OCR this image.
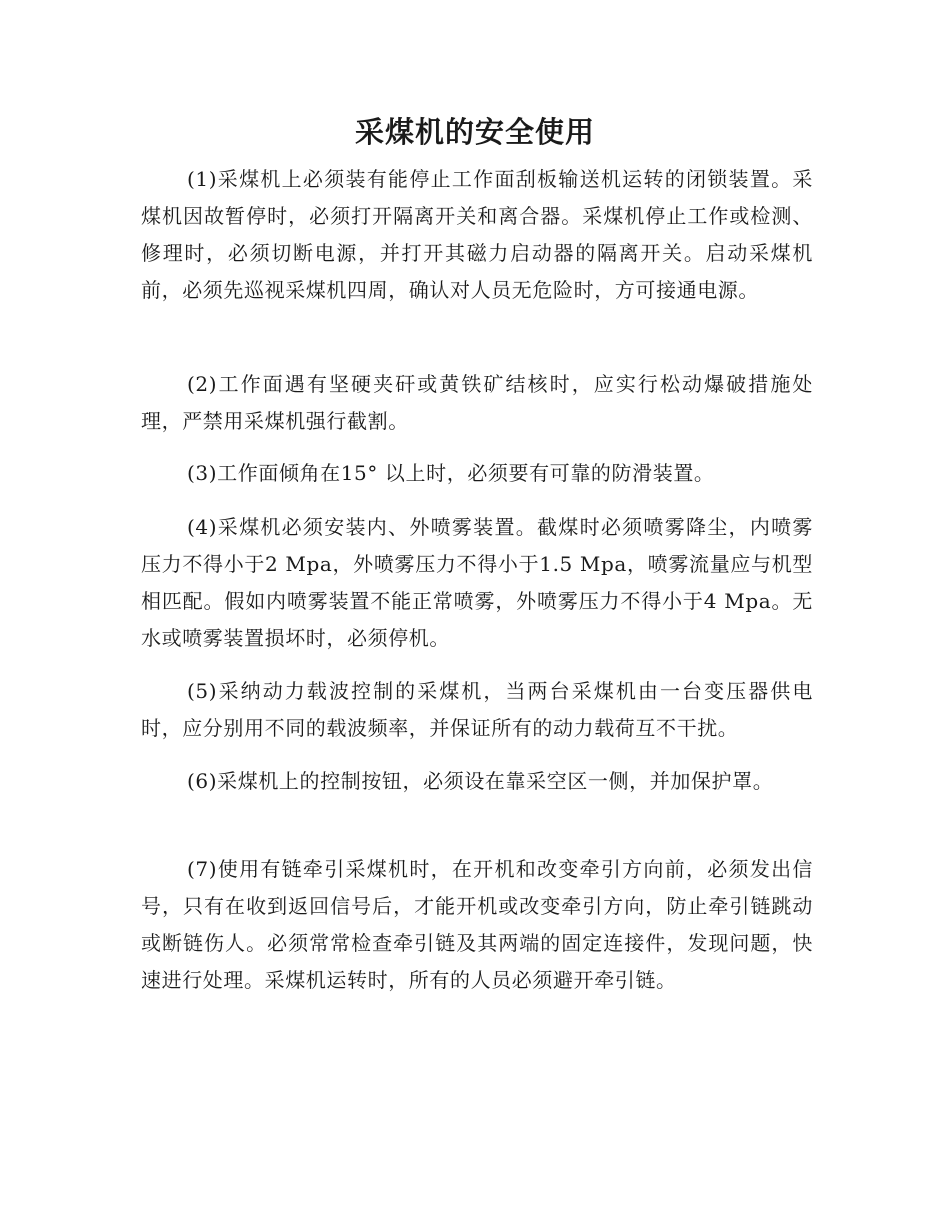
采煤机的安全使用

(1)采煤机上必须装有能停止工作面刮板输送机运转的闭锁装置。采煤机因故暂停时，必须打开隔离开关和离合器。采煤机停止工作或检测、修理时，必须切断电源，并打开其磁力启动器的隔离开关。启动采煤机前，必须先巡视采煤机四周，确认对人员无危险时，方可接通电源。

(2)工作面遇有坚硬夹矸或黄铁矿结核时，应实行松动爆破措施处理，严禁用采煤机强行截割。

(3)工作面倾角在15° 以上时，必须要有可靠的防滑装置。

(4)采煤机必须安装内、外喷雾装置。截煤时必须喷雾降尘，内喷雾压力不得小于2 Mpa，外喷雾压力不得小于1.5 Mpa，喷雾流量应与机型相匹配。假如内喷雾装置不能正常喷雾，外喷雾压力不得小于4 Mpa。无水或喷雾装置损坏时，必须停机。

(5)采纳动力载波控制的采煤机，当两台采煤机由一台变压器供电时，应分别用不同的载波频率，并保证所有的动力载荷互不干扰。

(6)采煤机上的控制按钮，必须设在靠采空区一侧，并加保护罩。

(7)使用有链牵引采煤机时，在开机和改变牵引方向前，必须发出信号，只有在收到返回信号后，才能开机或改变牵引方向，防止牵引链跳动或断链伤人。必须常常检查牵引链及其两端的固定连接件，发现问题，快速进行处理。采煤机运转时，所有的人员必须避开牵引链。
